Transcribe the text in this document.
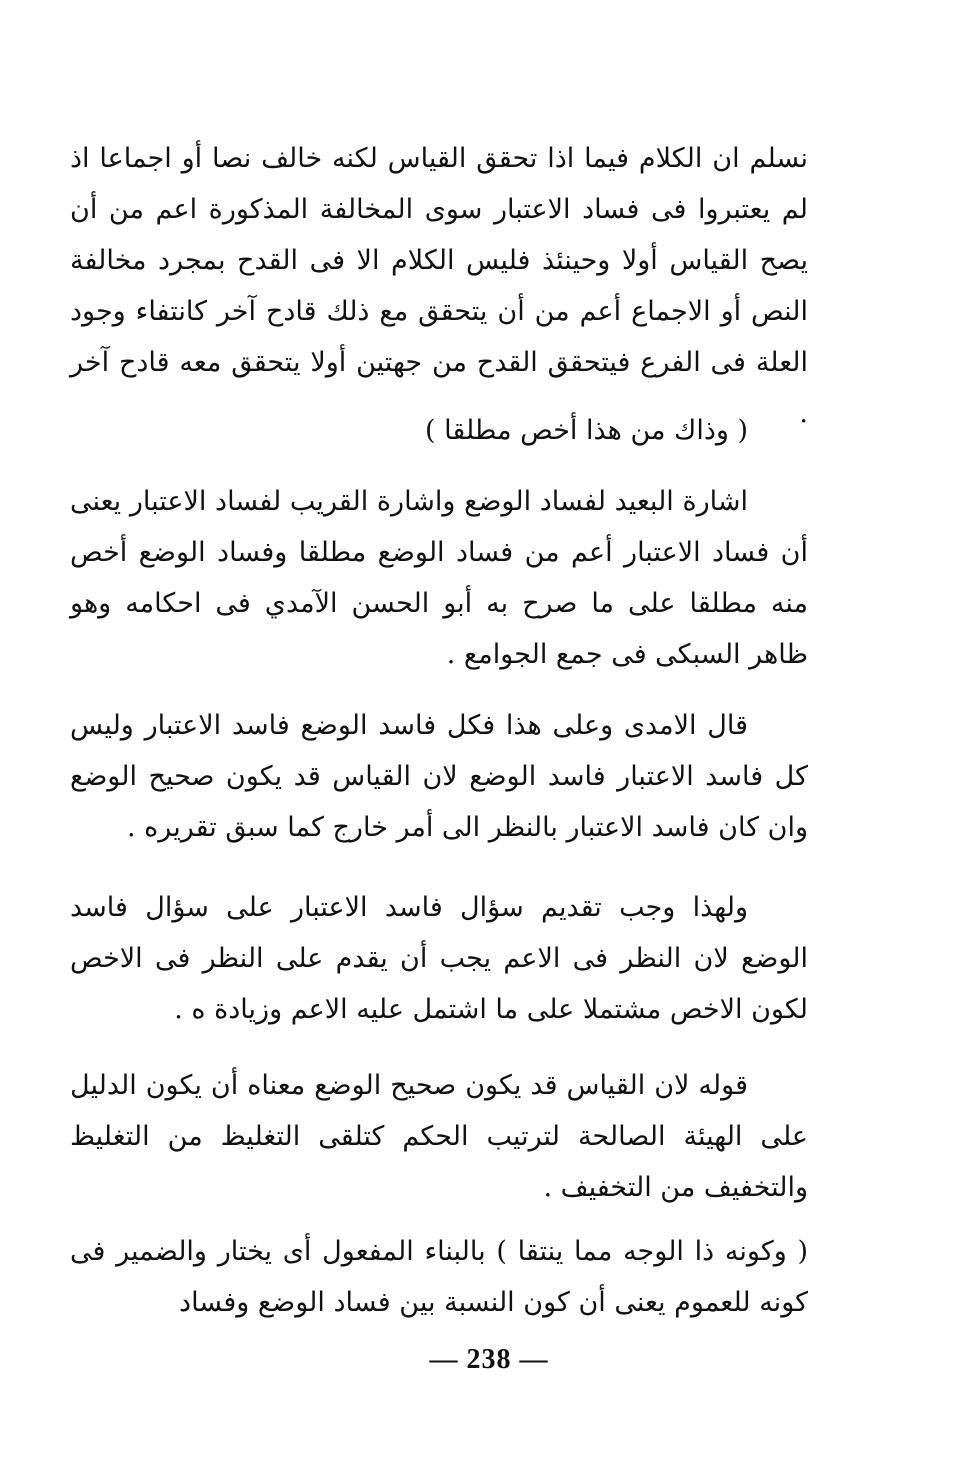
نسلم ان الكلام فيما اذا تحقق القياس لكنه خالف نصا أو اجماعا اذ لم يعتبروا فى فساد الاعتبار سوى المخالفة المذكورة اعم من أن يصح القياس أولا وحينئذ فليس الكلام الا فى القدح بمجرد مخالفة النص أو الاجماع أعم من أن يتحقق مع ذلك قادح آخر كانتفاء وجود العلة فى الفرع فيتحقق القدح من جهتين أولا يتحقق معه قادح آخر .

( وذاك من هذا أخص مطلقا )

اشارة البعيد لفساد الوضع واشارة القريب لفساد الاعتبار يعنى أن فساد الاعتبار أعم من فساد الوضع مطلقا وفساد الوضع أخص منه مطلقا على ما صرح به أبو الحسن الآمدي فى احكامه وهو ظاهر السبكى فى جمع الجوامع .

قال الامدى وعلى هذا فكل فاسد الوضع فاسد الاعتبار وليس كل فاسد الاعتبار فاسد الوضع لان القياس قد يكون صحيح الوضع وان كان فاسد الاعتبار بالنظر الى أمر خارج كما سبق تقريره .

ولهذا وجب تقديم سؤال فاسد الاعتبار على سؤال فاسد الوضع لان النظر فى الاعم يجب أن يقدم على النظر فى الاخص لكون الاخص مشتملا على ما اشتمل عليه الاعم وزيادة ه .

قوله لان القياس قد يكون صحيح الوضع معناه أن يكون الدليل على الهيئة الصالحة لترتيب الحكم كتلقى التغليظ من التغليظ والتخفيف من التخفيف .

( وكونه ذا الوجه مما ينتقا ) بالبناء المفعول أى يختار والضمير فى كونه للعموم يعنى أن كون النسبة بين فساد الوضع وفساد

— 238 —
